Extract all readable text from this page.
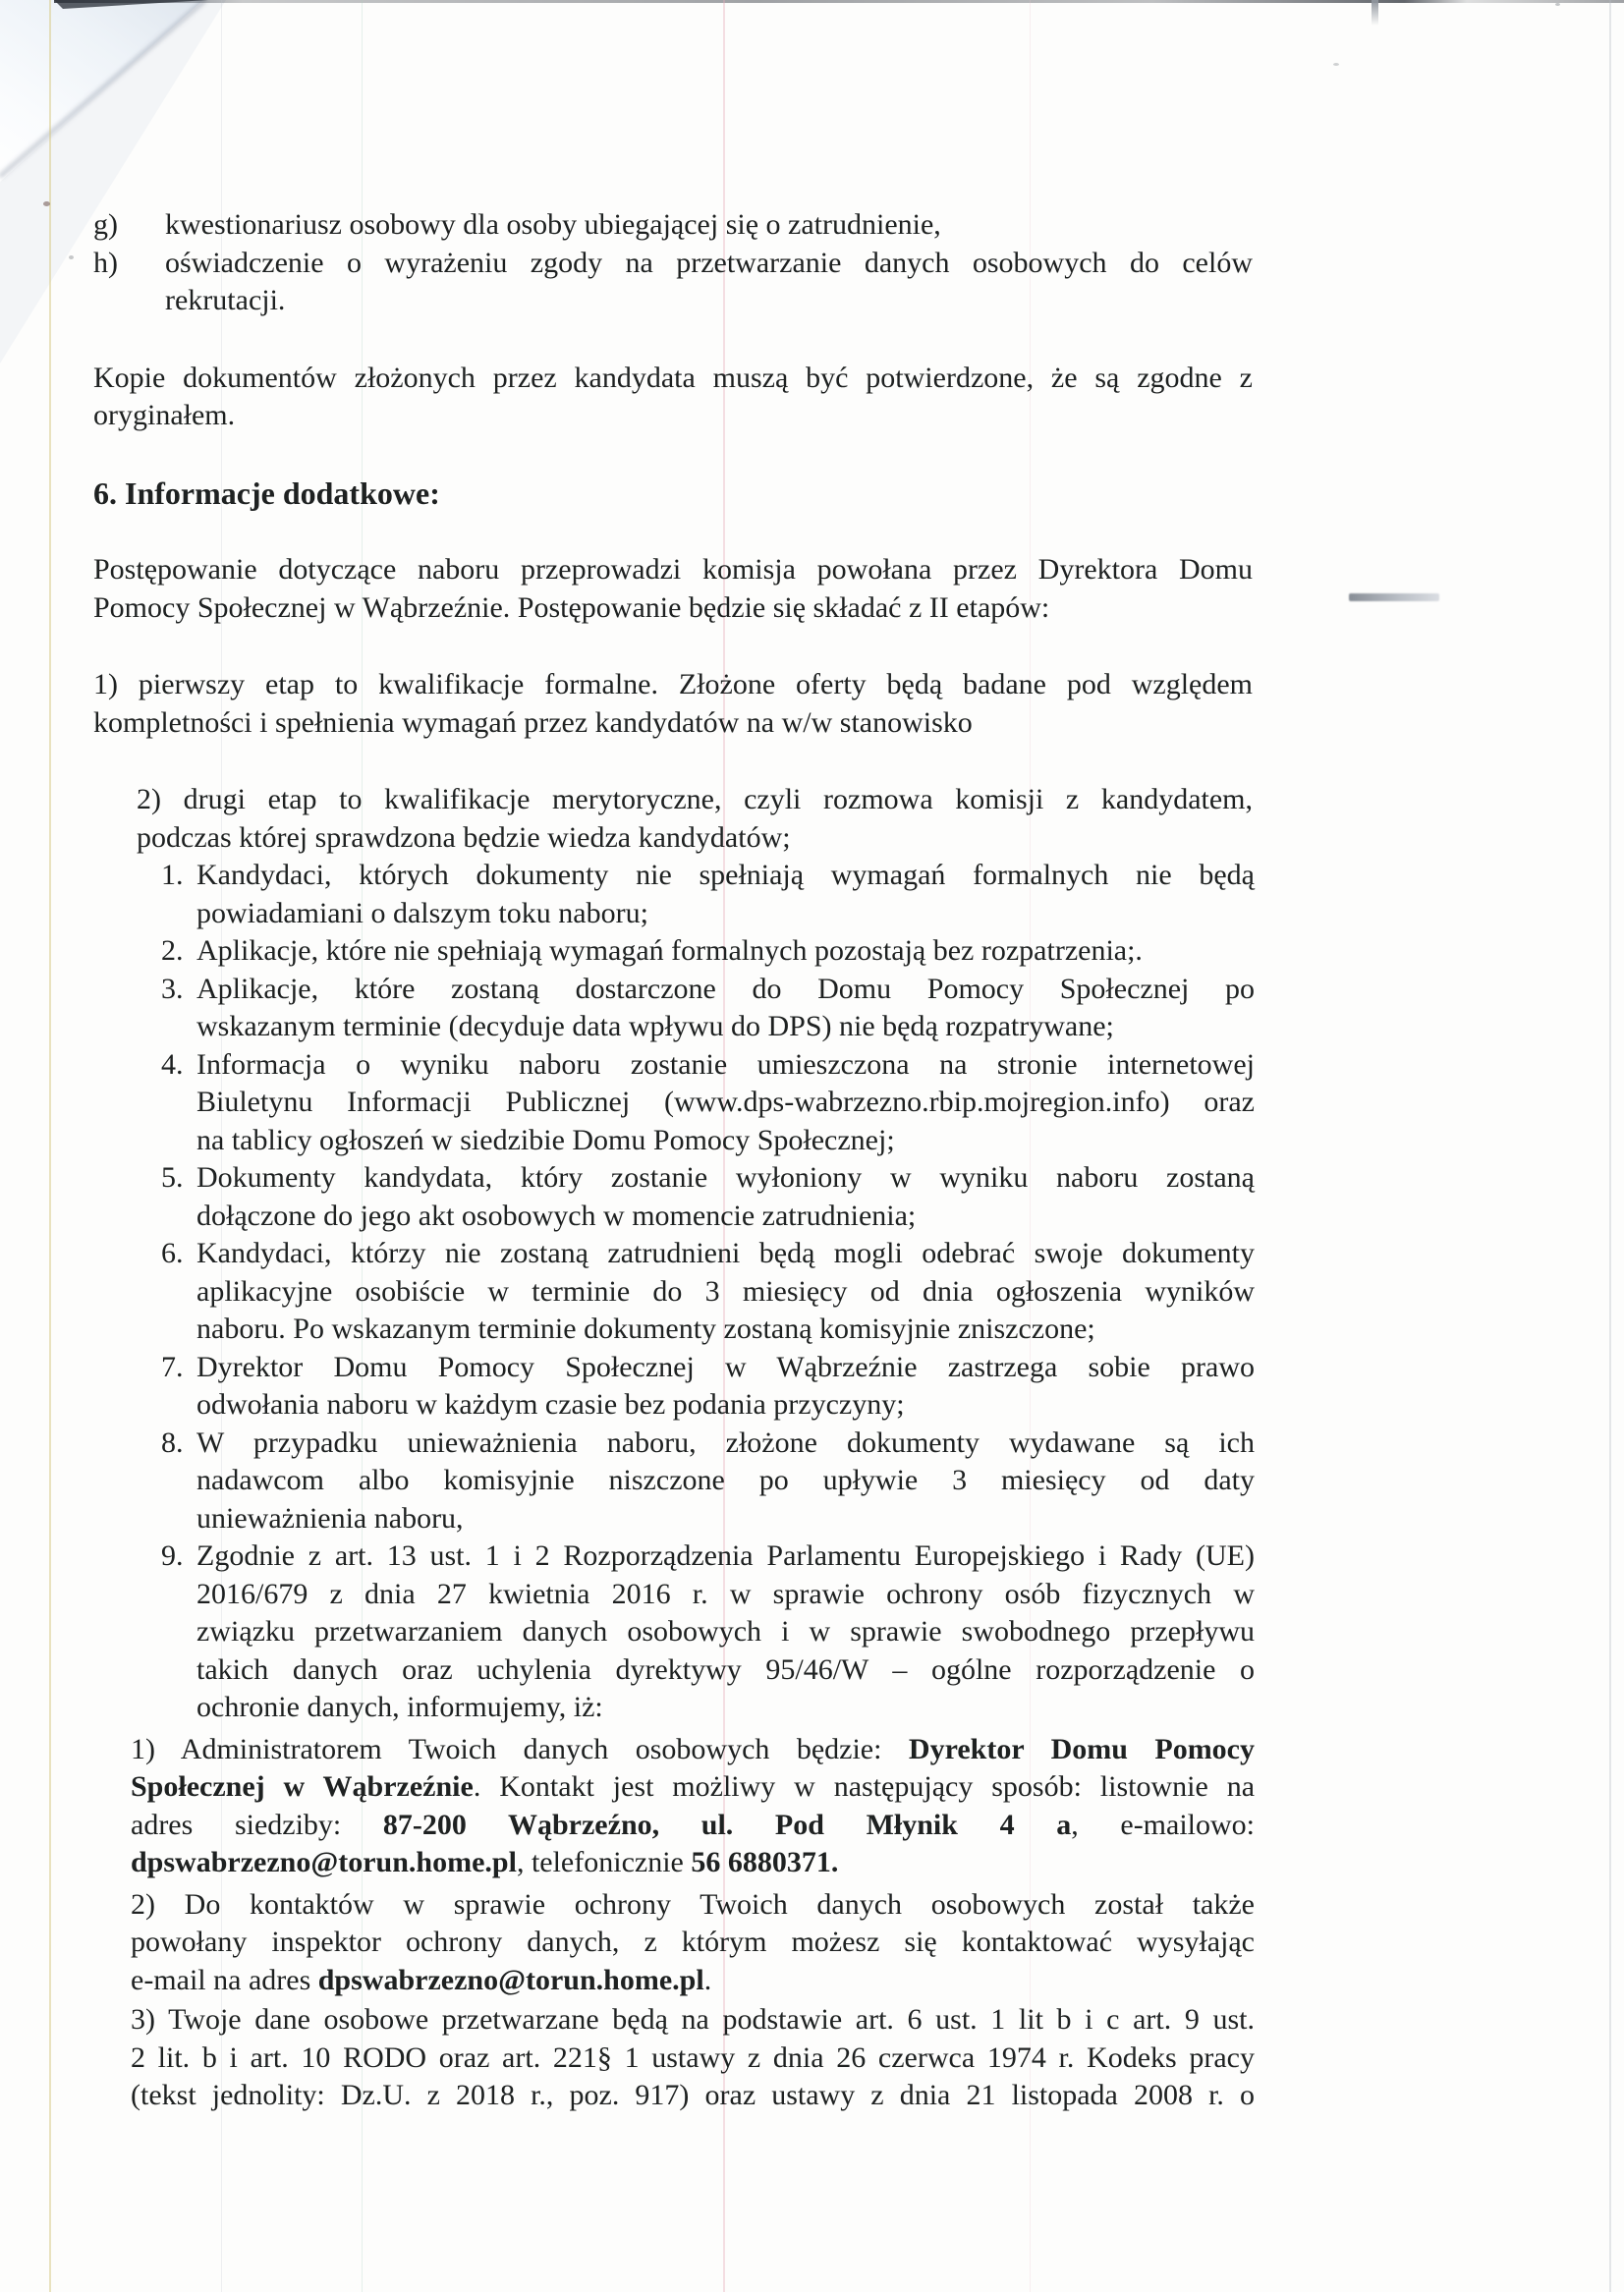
g) kwestionariusz osobowy dla osoby ubiegającej się o zatrudnienie,
h) oświadczenie o wyrażeniu zgody na przetwarzanie danych osobowych do celów
rekrutacji.
Kopie dokumentów złożonych przez kandydata muszą być potwierdzone, że są zgodne z
oryginałem.
6. Informacje dodatkowe:
Postępowanie dotyczące naboru przeprowadzi komisja powołana przez Dyrektora Domu
Pomocy Społecznej w Wąbrzeźnie. Postępowanie będzie się składać z II etapów:
1) pierwszy etap to kwalifikacje formalne. Złożone oferty będą badane pod względem
kompletności i spełnienia wymagań przez kandydatów na w/w stanowisko
2) drugi etap to kwalifikacje merytoryczne, czyli rozmowa komisji z kandydatem,
podczas której sprawdzona będzie wiedza kandydatów;
1. Kandydaci, których dokumenty nie spełniają wymagań formalnych nie będą
powiadamiani o dalszym toku naboru;
2. Aplikacje, które nie spełniają wymagań formalnych pozostają bez rozpatrzenia;.
3. Aplikacje, które zostaną dostarczone do Domu Pomocy Społecznej po
wskazanym terminie (decyduje data wpływu do DPS) nie będą rozpatrywane;
4. Informacja o wyniku naboru zostanie umieszczona na stronie internetowej
Biuletynu Informacji Publicznej (www.dps-wabrzezno.rbip.mojregion.info) oraz
na tablicy ogłoszeń w siedzibie Domu Pomocy Społecznej;
5. Dokumenty kandydata, który zostanie wyłoniony w wyniku naboru zostaną
dołączone do jego akt osobowych w momencie zatrudnienia;
6. Kandydaci, którzy nie zostaną zatrudnieni będą mogli odebrać swoje dokumenty
aplikacyjne osobiście w terminie do 3 miesięcy od dnia ogłoszenia wyników
naboru. Po wskazanym terminie dokumenty zostaną komisyjnie zniszczone;
7. Dyrektor Domu Pomocy Społecznej w Wąbrzeźnie zastrzega sobie prawo
odwołania naboru w każdym czasie bez podania przyczyny;
8. W przypadku unieważnienia naboru, złożone dokumenty wydawane są ich
nadawcom albo komisyjnie niszczone po upływie 3 miesięcy od daty
unieważnienia naboru,
9. Zgodnie z art. 13 ust. 1 i 2 Rozporządzenia Parlamentu Europejskiego i Rady (UE)
2016/679 z dnia 27 kwietnia 2016 r. w sprawie ochrony osób fizycznych w
związku przetwarzaniem danych osobowych i w sprawie swobodnego przepływu
takich danych oraz uchylenia dyrektywy 95/46/W – ogólne rozporządzenie o
ochronie danych, informujemy, iż:
1) Administratorem Twoich danych osobowych będzie: Dyrektor Domu Pomocy
Społecznej w Wąbrzeźnie. Kontakt jest możliwy w następujący sposób: listownie na
adres siedziby: 87-200 Wąbrzeźno, ul. Pod Młynik 4 a, e-mailowo:
dpswabrzezno@torun.home.pl, telefonicznie 56 6880371.
2) Do kontaktów w sprawie ochrony Twoich danych osobowych został także
powołany inspektor ochrony danych, z którym możesz się kontaktować wysyłając
e-mail na adres dpswabrzezno@torun.home.pl.
3) Twoje dane osobowe przetwarzane będą na podstawie art. 6 ust. 1 lit b i c art. 9 ust.
2 lit. b i art. 10 RODO oraz art. 221§ 1 ustawy z dnia 26 czerwca 1974 r. Kodeks pracy
(tekst jednolity: Dz.U. z 2018 r., poz. 917) oraz ustawy z dnia 21 listopada 2008 r. o
